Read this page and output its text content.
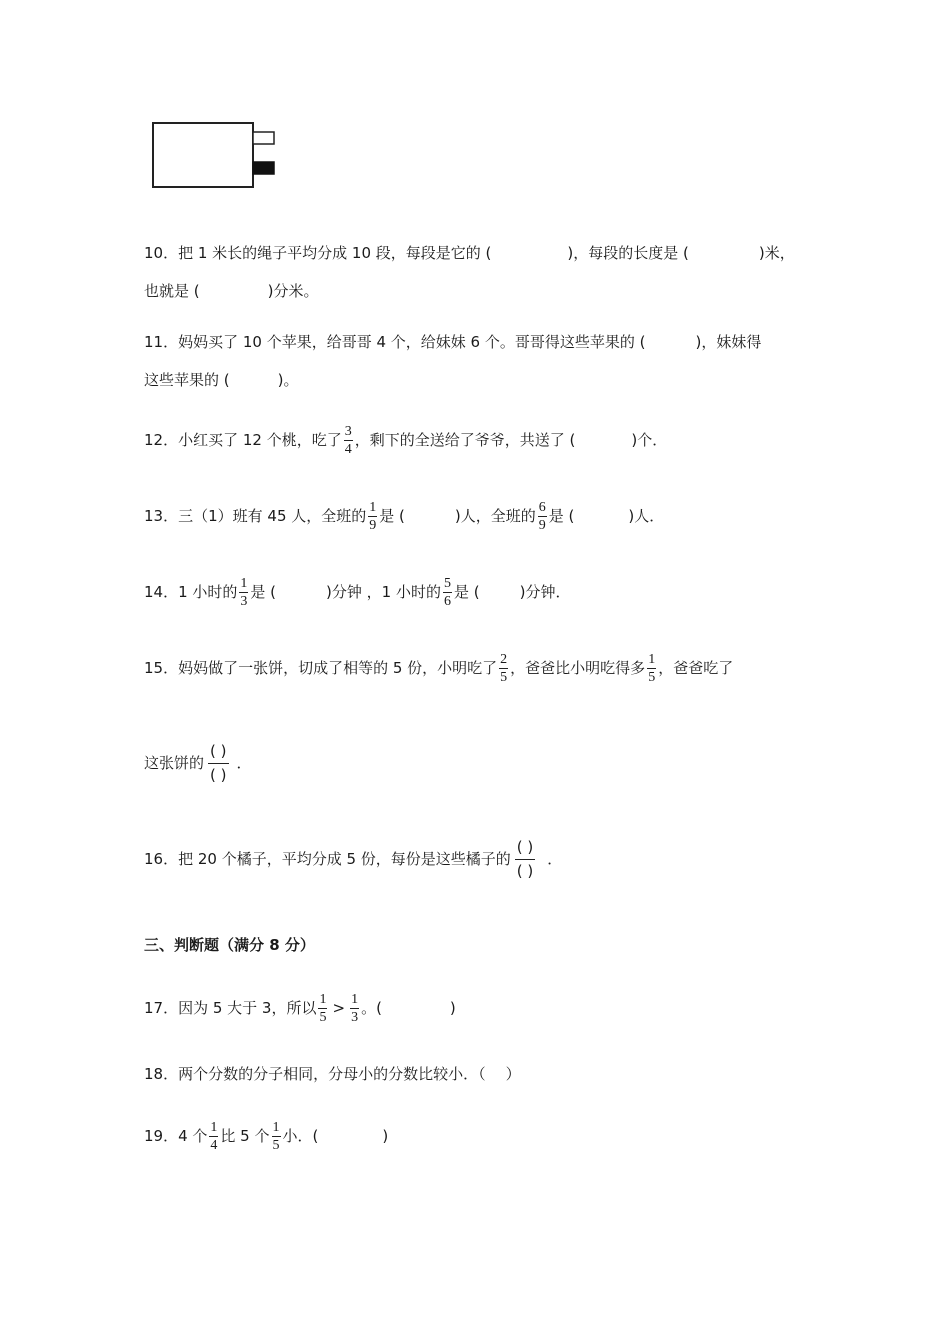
10．把 1 米长的绳子平均分成 10 段，每段是它的 (	)，每段的长度是 (	)米，
也就是 (	)分米。
11．妈妈买了 10 个苹果，给哥哥 4 个，给妹妹 6 个。哥哥得这些苹果的 (	)，妹妹得
这些苹果的 (	)。
12．小红买了 12 个桃，吃了 $\frac{3}{4}$ ，剩下的全送给了爷爷，共送了 (	)个．
13．三（1）班有 45 人，全班的 $\frac{1}{9}$ 是 (	)人，全班的 $\frac{6}{9}$ 是 (	)人．
14．1 小时的 $\frac{1}{3}$ 是 (	)分钟 ，1 小时的 $\frac{5}{6}$ 是 (	)分钟．
15．妈妈做了一张饼，切成了相等的 5 份，小明吃了 $\frac{2}{5}$ ，爸爸比小明吃得多 $\frac{1}{5}$ ，爸爸吃了
这张饼的
( )
( )
．
16．把 20 个橘子，平均分成 5 份，每份是这些橘子的
( )
( )
．
三、判断题（满分 8 分）
17．因为 5 大于 3，所以 $\frac{1}{5} > \frac{1}{3}$ 。(	)
18．两个分数的分子相同，分母小的分数比较小．（ ）
19．4 个 $\frac{1}{4}$ 比 5 个 $\frac{1}{5}$ 小．(	)
